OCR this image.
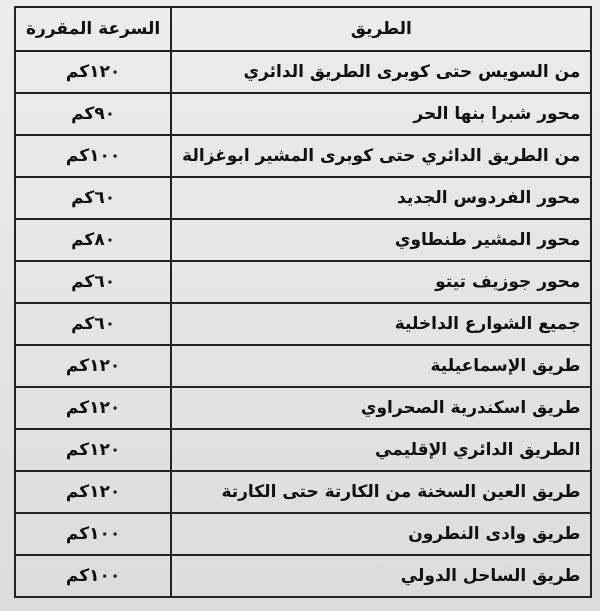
الطريق	السرعة المقررة
من السويس حتى كوبرى الطريق الدائري	١٢٠كم
محور شبرا بنها الحر	٩٠كم
من الطريق الدائري حتى كوبرى المشير ابوغزالة	١٠٠كم
محور الفردوس الجديد	٦٠كم
محور المشير طنطاوي	٨٠كم
محور جوزيف تيتو	٦٠كم
جميع الشوارع الداخلية	٦٠كم
طريق الإسماعيلية	١٢٠كم
طريق اسكندرية الصحراوي	١٢٠كم
الطريق الدائري الإقليمي	١٢٠كم
طريق العين السخنة من الكارتة حتى الكارتة	١٢٠كم
طريق وادى النطرون	١٠٠كم
طريق الساحل الدولي	١٠٠كم
